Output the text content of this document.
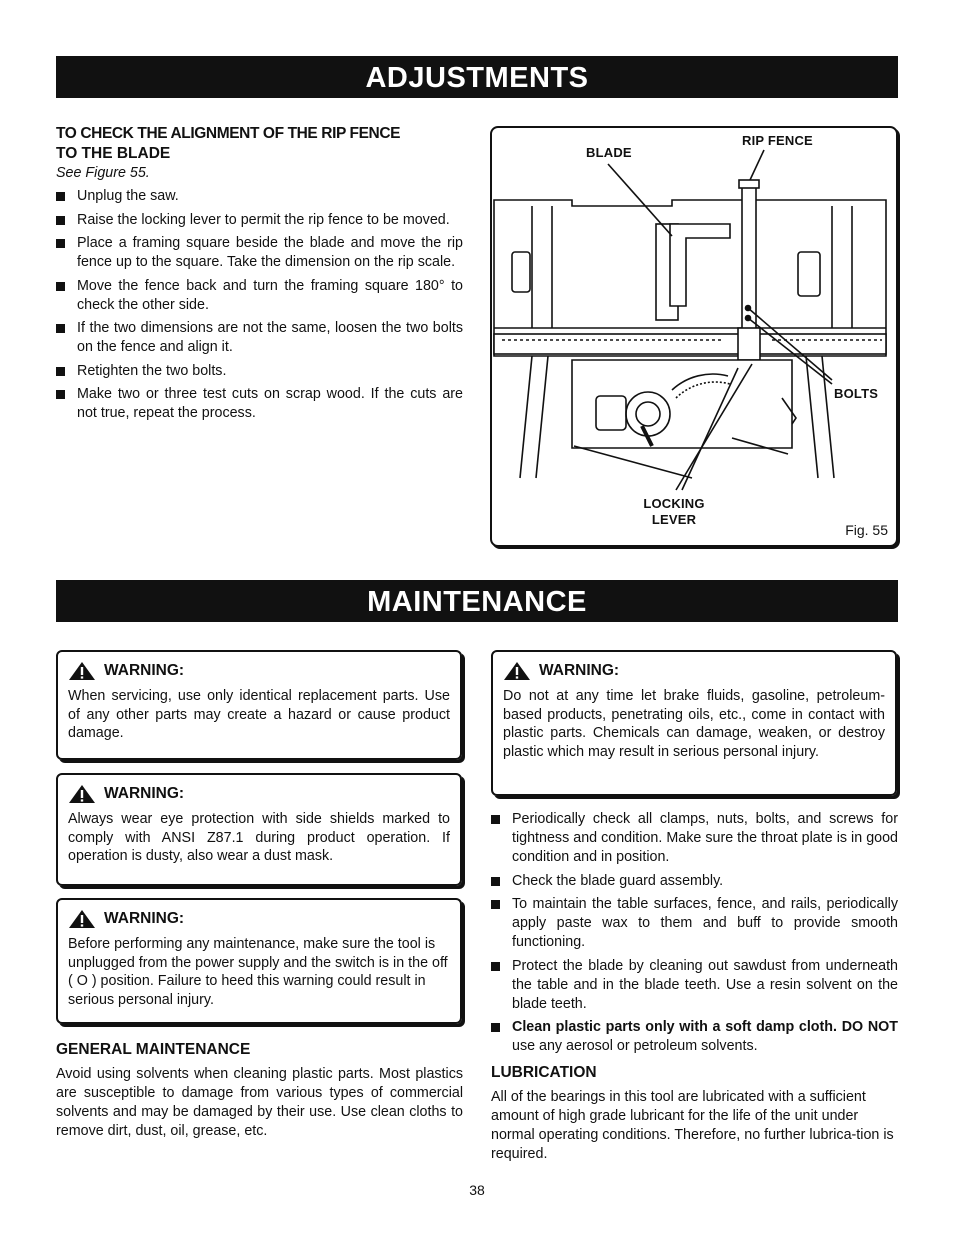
ADJUSTMENTS
TO CHECK THE ALIGNMENT OF THE RIP FENCE
TO THE BLADE
See Figure 55.
Unplug the saw.
Raise the locking lever to permit the rip fence to be moved.
Place a framing square beside the blade and move the rip fence up to the square. Take the dimension on the rip scale.
Move the fence back and turn the framing square 180° to check the other side.
If the two dimensions are not the same, loosen the two bolts on the fence and align it.
Retighten the two bolts.
Make two or three test cuts on scrap wood. If the cuts are not true, repeat the process.
BLADE
RIP FENCE
BOLTS
LOCKING
LEVER
Fig. 55
MAINTENANCE
WARNING:
When servicing, use only identical replacement parts. Use of any other parts may create a hazard or cause product damage.
WARNING:
Always wear eye protection with side shields marked to comply with ANSI Z87.1 during product operation. If operation is dusty, also wear a dust mask.
WARNING:
Before performing any maintenance, make sure the tool is unplugged from the power supply and the switch is in the off ( O ) position. Failure to heed this warning could result in serious personal injury.
GENERAL MAINTENANCE
Avoid using solvents when cleaning plastic parts. Most plastics are susceptible to damage from various types of commercial solvents and may be damaged by their use. Use clean cloths to remove dirt, dust, oil, grease, etc.
WARNING:
Do not at any time let brake fluids, gasoline, petroleum-based products, penetrating oils, etc., come in contact with plastic parts. Chemicals can damage, weaken, or destroy plastic which may result in serious personal injury.
Periodically check all clamps, nuts, bolts, and screws for tightness and condition. Make sure the throat plate is in good condition and in position.
Check the blade guard assembly.
To maintain the table surfaces, fence, and rails, periodically apply paste wax to them and buff to provide smooth functioning.
Protect the blade by cleaning out sawdust from underneath the table and in the blade teeth. Use a resin solvent on the blade teeth.
Clean plastic parts only with a soft damp cloth. DO NOT use any aerosol or petroleum solvents.
LUBRICATION
All of the bearings in this tool are lubricated with a sufficient amount of high grade lubricant for the life of the unit under normal operating conditions. Therefore, no further lubrica-tion is required.
38
